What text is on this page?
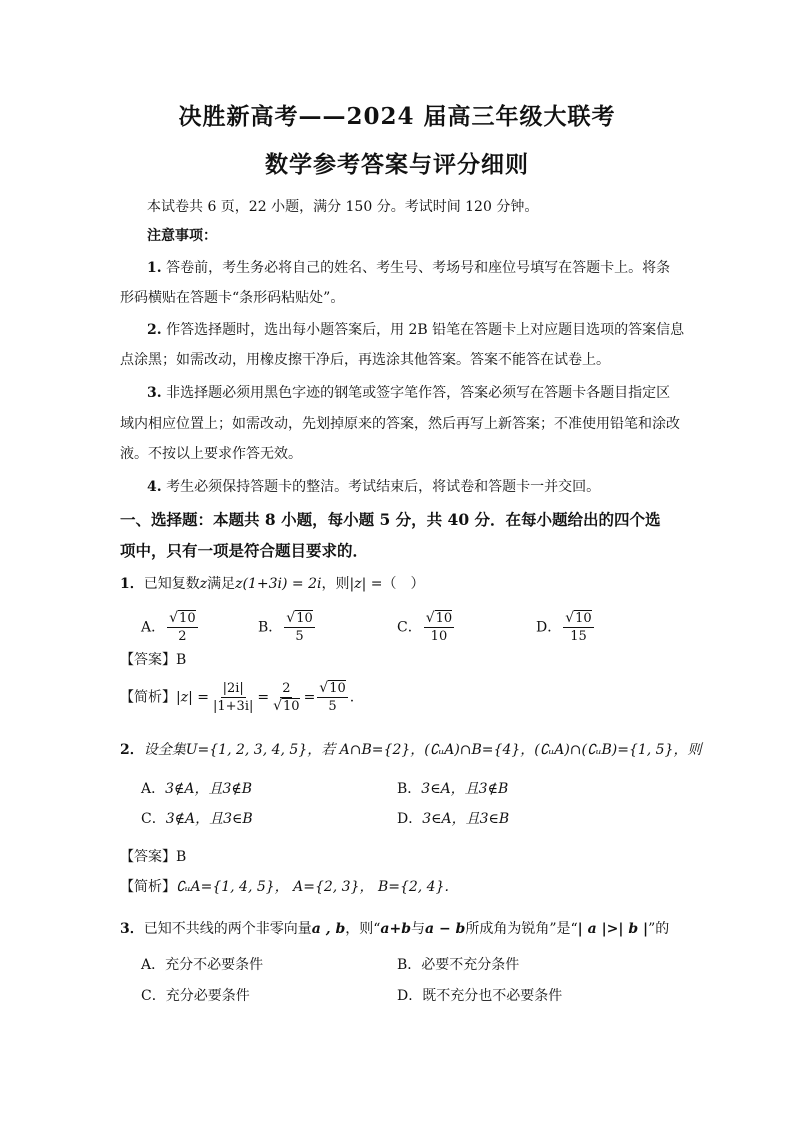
决胜新高考——2024 届高三年级大联考
数学参考答案与评分细则
本试卷共 6 页，22 小题，满分 150 分。考试时间 120 分钟。
注意事项：
1. 答卷前，考生务必将自己的姓名、考生号、考场号和座位号填写在答题卡上。将条
形码横贴在答题卡“条形码粘贴处”。
2. 作答选择题时，选出每小题答案后，用 2B 铅笔在答题卡上对应题目选项的答案信息
点涂黑；如需改动，用橡皮擦干净后，再选涂其他答案。答案不能答在试卷上。
3. 非选择题必须用黑色字迹的钢笔或签字笔作答，答案必须写在答题卡各题目指定区
域内相应位置上；如需改动，先划掉原来的答案，然后再写上新答案；不准使用铅笔和涂改
液。不按以上要求作答无效。
4. 考生必须保持答题卡的整洁。考试结束后，将试卷和答题卡一并交回。
一、选择题：本题共 8 小题，每小题 5 分，共 40 分．在每小题给出的四个选
项中，只有一项是符合题目要求的．
1．已知复数z满足z(1+3i) = 2i，则|z| =（　）
A． $\frac{√10}{2}$	B． $\frac{√10}{5}$	C． $\frac{√10}{10}$	D． $\frac{√10}{15}$
【答案】B
【简析】$|z| = \frac{|2i|}{|1+3i|} = \frac{2}{√10} = \frac{√10}{5}$ .
2．设全集U={1, 2, 3, 4, 5}，若 A∩B={2}，(∁ᵤA)∩B={4}，(∁ᵤA)∩(∁ᵤB)={1, 5}，则
A．3∉A，且3∉B	B．3∈A，且3∉B
C．3∉A，且3∈B	D．3∈A，且3∈B
【答案】B
【简析】∁ᵤA={1, 4, 5}， A={2, 3}， B={2, 4}.
3．已知不共线的两个非零向量a , b，则“a+b与a − b所成角为锐角”是“| a |>| b |”的
A．充分不必要条件	B．必要不充分条件
C．充分必要条件	D．既不充分也不必要条件
